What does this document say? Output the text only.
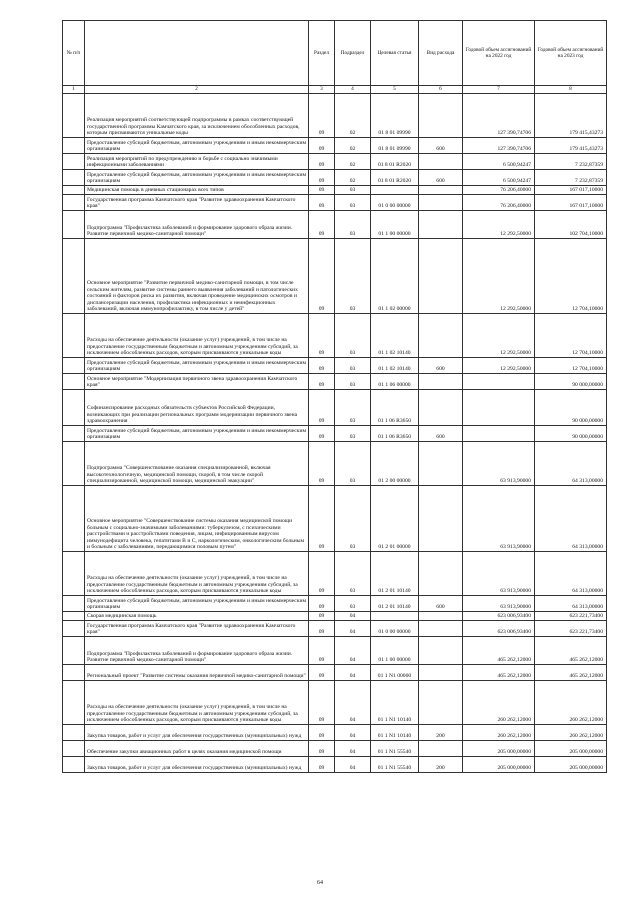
№ п/п		Раздел	Подраздел	Целевая статья	Вид расхода	Годовой объем ассигнований на 2022 год	Годовой объем ассигнований на 2023 год
1	2	3	4	5	6	7	8
	Реализация мероприятий соответствующей подпрограммы в рамках соответствующей государственной программы Камчатского края, за исключением обособленных расходов, которым присваиваются уникальные коды	09	02	01 8 01 09990		127 390,74706	179 415,43273
	Предоставление субсидий бюджетным, автономным учреждениям и иным некоммерческим организациям	09	02	01 8 01 09990	600	127 390,74706	179 415,43273
	Реализация мероприятий по предупреждению и борьбе с социально значимыми инфекционными заболеваниями	09	02	01 8 01 R2020		6 500,94247	7 232,87359
	Предоставление субсидий бюджетным, автономным учреждениям и иным некоммерческим организациям	09	02	01 8 01 R2020	600	6 500,94247	7 232,87359
	Медицинская помощь в дневных стационарах всех типов	09	03			76 206,40000	167 017,10000
	Государственная программа Камчатского края "Развитие здравоохранения Камчатского края"	09	03	01 0 00 00000		76 206,40000	167 017,10000
	Подпрограмма "Профилактика заболеваний и формирование здорового образа жизни. Развитие первичной медико-санитарной помощи"	09	03	01 1 00 00000		12 292,50000	102 704,10000
	Основное мероприятие "Развитие первичной медико-санитарной помощи, в том числе сельским жителям, развитие системы раннего выявления заболеваний и патологических состояний и факторов риска их развития, включая проведение медицинских осмотров и диспансеризации населения, профилактика инфекционных и неинфекционных заболеваний, включая иммунопрофилактику, в том числе у детей"	09	03	01 1 02 00000		12 292,50000	12 704,10000
	Расходы на обеспечение деятельности (оказание услуг) учреждений, в том числе на предоставление государственным бюджетным и автономным учреждениям субсидий, за исключением обособленных расходов, которым присваиваются уникальные коды	09	03	01 1 02 10140		12 292,50000	12 704,10000
	Предоставление субсидий бюджетным, автономным учреждениям и иным некоммерческим организациям	09	03	01 1 02 10140	600	12 292,50000	12 704,10000
	Основное мероприятие "Модернизация первичного звена здравоохранения Камчатского края"	09	03	01 1 06 00000			90 000,00000
	Софинансирование расходных обязательств субъектов Российской Федерации, возникающих при реализации региональных программ модернизации первичного звена здравоохранения	09	03	01 1 06 R3650			90 000,00000
	Предоставление субсидий бюджетным, автономным учреждениям и иным некоммерческим организациям	09	03	01 1 06 R3650	600		90 000,00000
	Подпрограмма "Совершенствование оказания специализированной, включая высокотехнологичную, медицинской помощи, скорой, в том числе скорой специализированной, медицинской помощи, медицинской эвакуации"	09	03	01 2 00 00000		63 913,90000	64 313,00000
	Основное мероприятие "Совершенствование системы оказания медицинской помощи больным с социально-значимыми заболеваниями: туберкулезом, с психическими расстройствами и расстройствами поведения, лицам, инфицированным вирусом иммунодефицита человека, гепатитами В и С, наркологическим, онкологическим больным и больным с заболеваниями, передающимися половым путем"	09	03	01 2 01 00000		63 913,90000	64 313,00000
	Расходы на обеспечение деятельности (оказание услуг) учреждений, в том числе на предоставление государственным бюджетным и автономным учреждениям субсидий, за исключением обособленных расходов, которым присваиваются уникальные коды	09	03	01 2 01 10140		63 913,90000	64 313,00000
	Предоставление субсидий бюджетным, автономным учреждениям и иным некоммерческим организациям	09	03	01 2 01 10140	600	63 913,90000	64 313,00000
	Скорая медицинская помощь	09	04			623 006,93400	623 221,73400
	Государственная программа Камчатского края "Развитие здравоохранения Камчатского края"	09	04	01 0 00 00000		623 006,93400	623 221,73400
	Подпрограмма "Профилактика заболеваний и формирование здорового образа жизни. Развитие первичной медико-санитарной помощи"	09	04	01 1 00 00000		465 262,12000	465 262,12000
	Региональный проект "Развитие системы оказания первичной медико-санитарной помощи"	09	04	01 1 N1 00000		465 262,12000	465 262,12000
	Расходы на обеспечение деятельности (оказание услуг) учреждений, в том числе на предоставление государственным бюджетным и автономным учреждениям субсидий, за исключением обособленных расходов, которым присваиваются уникальные коды	09	04	01 1 N1 10140		260 262,12000	260 262,12000
	Закупка товаров, работ и услуг для обеспечения государственных (муниципальных) нужд	09	04	01 1 N1 10140	200	260 262,12000	260 262,12000
	Обеспечение закупки авиационных работ в целях оказания медицинской помощи	09	04	01 1 N1 55540		205 000,00000	205 000,00000
	Закупка товаров, работ и услуг для обеспечения государственных (муниципальных) нужд	09	04	01 1 N1 55540	200	205 000,00000	205 000,00000
64
